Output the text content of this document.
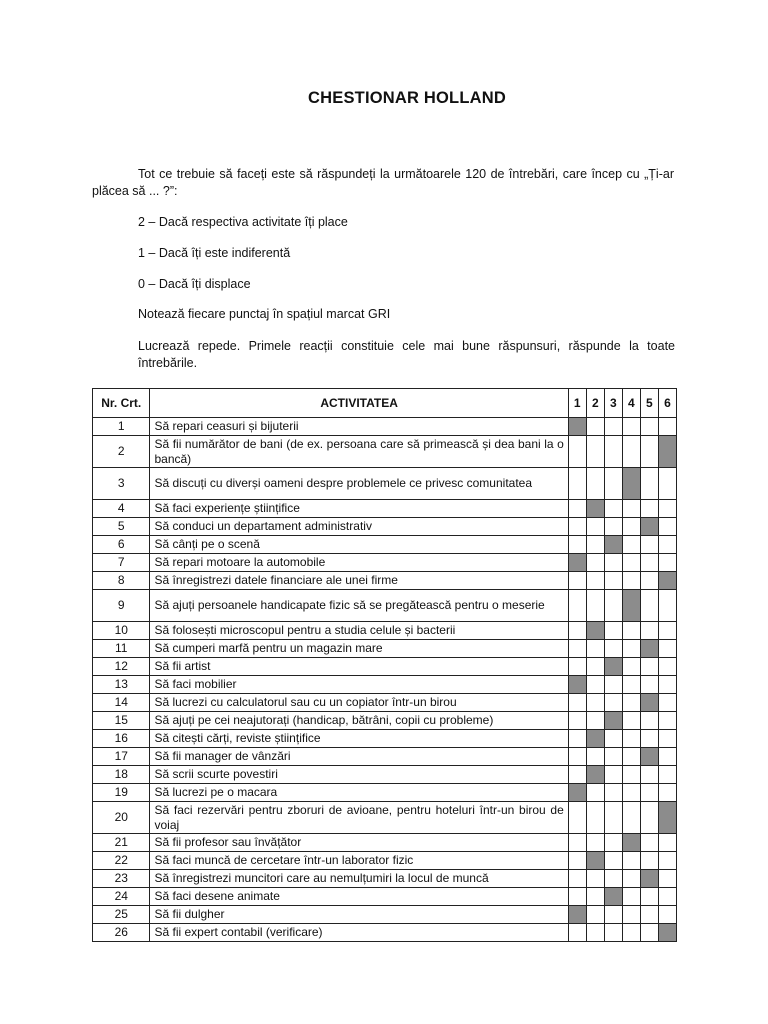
CHESTIONAR HOLLAND
Tot ce trebuie să faceți este să răspundeți la următoarele 120 de întrebări, care încep cu „Ți-ar plăcea să ... ?”:
2 – Dacă respectiva activitate îți place
1 – Dacă îți este indiferentă
0 – Dacă îți displace
Notează fiecare punctaj în spațiul marcat GRI
Lucrează repede. Primele reacții constituie cele mai bune răspunsuri, răspunde la toate întrebările.
Nr. Crt.	ACTIVITATEA	1	2	3	4	5	6
1	Să repari ceasuri și bijuterii						
2	Să fii numărător de bani (de ex. persoana care să primească și dea bani la o bancă)						
3	Să discuți cu diverși oameni despre problemele ce privesc comunitatea						
4	Să faci experiențe științifice						
5	Să conduci un departament administrativ						
6	Să cânți pe o scenă						
7	Să repari motoare la automobile						
8	Să înregistrezi datele financiare ale unei firme						
9	Să ajuți persoanele handicapate fizic să se pregătească pentru o meserie						
10	Să folosești microscopul pentru a studia celule și bacterii						
11	Să cumperi marfă pentru un magazin mare						
12	Să fii artist						
13	Să faci mobilier						
14	Să lucrezi cu calculatorul sau cu un copiator într-un birou						
15	Să ajuți pe cei neajutorați (handicap, bătrâni, copii cu probleme)						
16	Să citești cărți, reviste științifice						
17	Să fii manager de vânzări						
18	Să scrii scurte povestiri						
19	Să lucrezi pe o macara						
20	Să faci rezervări pentru zboruri de avioane, pentru hoteluri într-un birou de voiaj						
21	Să fii profesor sau învățător						
22	Să faci muncă de cercetare într-un laborator fizic						
23	Să înregistrezi muncitori care au nemulțumiri la locul de muncă						
24	Să faci desene animate						
25	Să fii dulgher						
26	Să fii expert contabil (verificare)						
